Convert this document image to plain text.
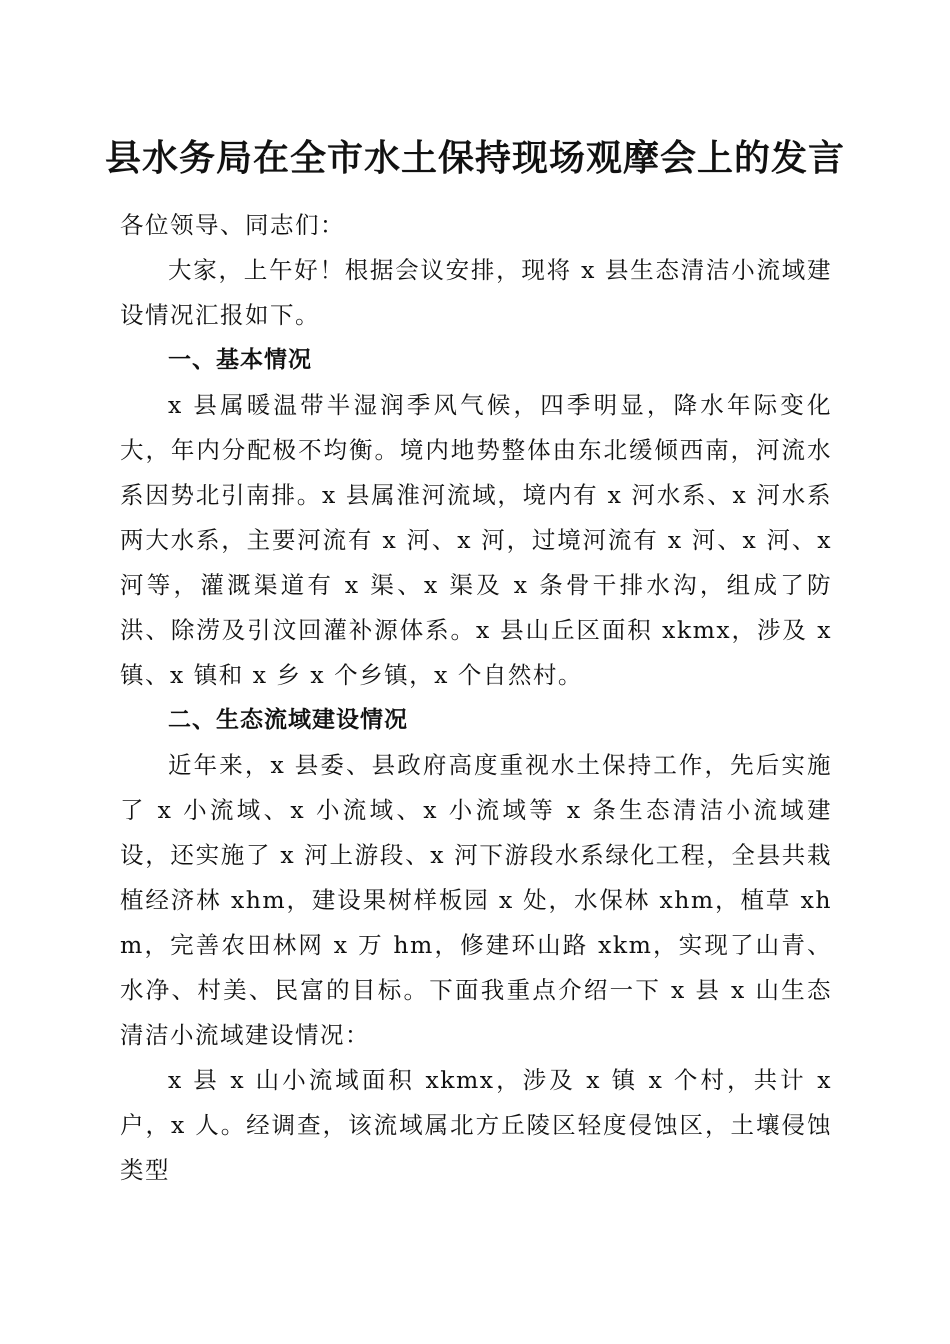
县水务局在全市水土保持现场观摩会上的发言

各位领导、同志们：

大家，上午好！根据会议安排，现将 x 县生态清洁小流域建设情况汇报如下。

一、基本情况

x 县属暖温带半湿润季风气候，四季明显，降水年际变化大，年内分配极不均衡。境内地势整体由东北缓倾西南，河流水系因势北引南排。x 县属淮河流域，境内有 x 河水系、x 河水系两大水系，主要河流有 x 河、x 河，过境河流有 x 河、x 河、x 河等，灌溉渠道有 x 渠、x 渠及 x 条骨干排水沟，组成了防洪、除涝及引汶回灌补源体系。x 县山丘区面积 xkmx，涉及 x 镇、x 镇和 x 乡 x 个乡镇，x 个自然村。

二、生态流域建设情况

近年来，x 县委、县政府高度重视水土保持工作，先后实施了 x 小流域、x 小流域、x 小流域等 x 条生态清洁小流域建设，还实施了 x 河上游段、x 河下游段水系绿化工程，全县共栽植经济林 xhm，建设果树样板园 x 处，水保林 xhm，植草 xhm，完善农田林网 x 万 hm，修建环山路 xkm，实现了山青、水净、村美、民富的目标。下面我重点介绍一下 x 县 x 山生态清洁小流域建设情况：

x 县 x 山小流域面积 xkmx，涉及 x 镇 x 个村，共计 x 户，x 人。经调查，该流域属北方丘陵区轻度侵蚀区，土壤侵蚀类型
